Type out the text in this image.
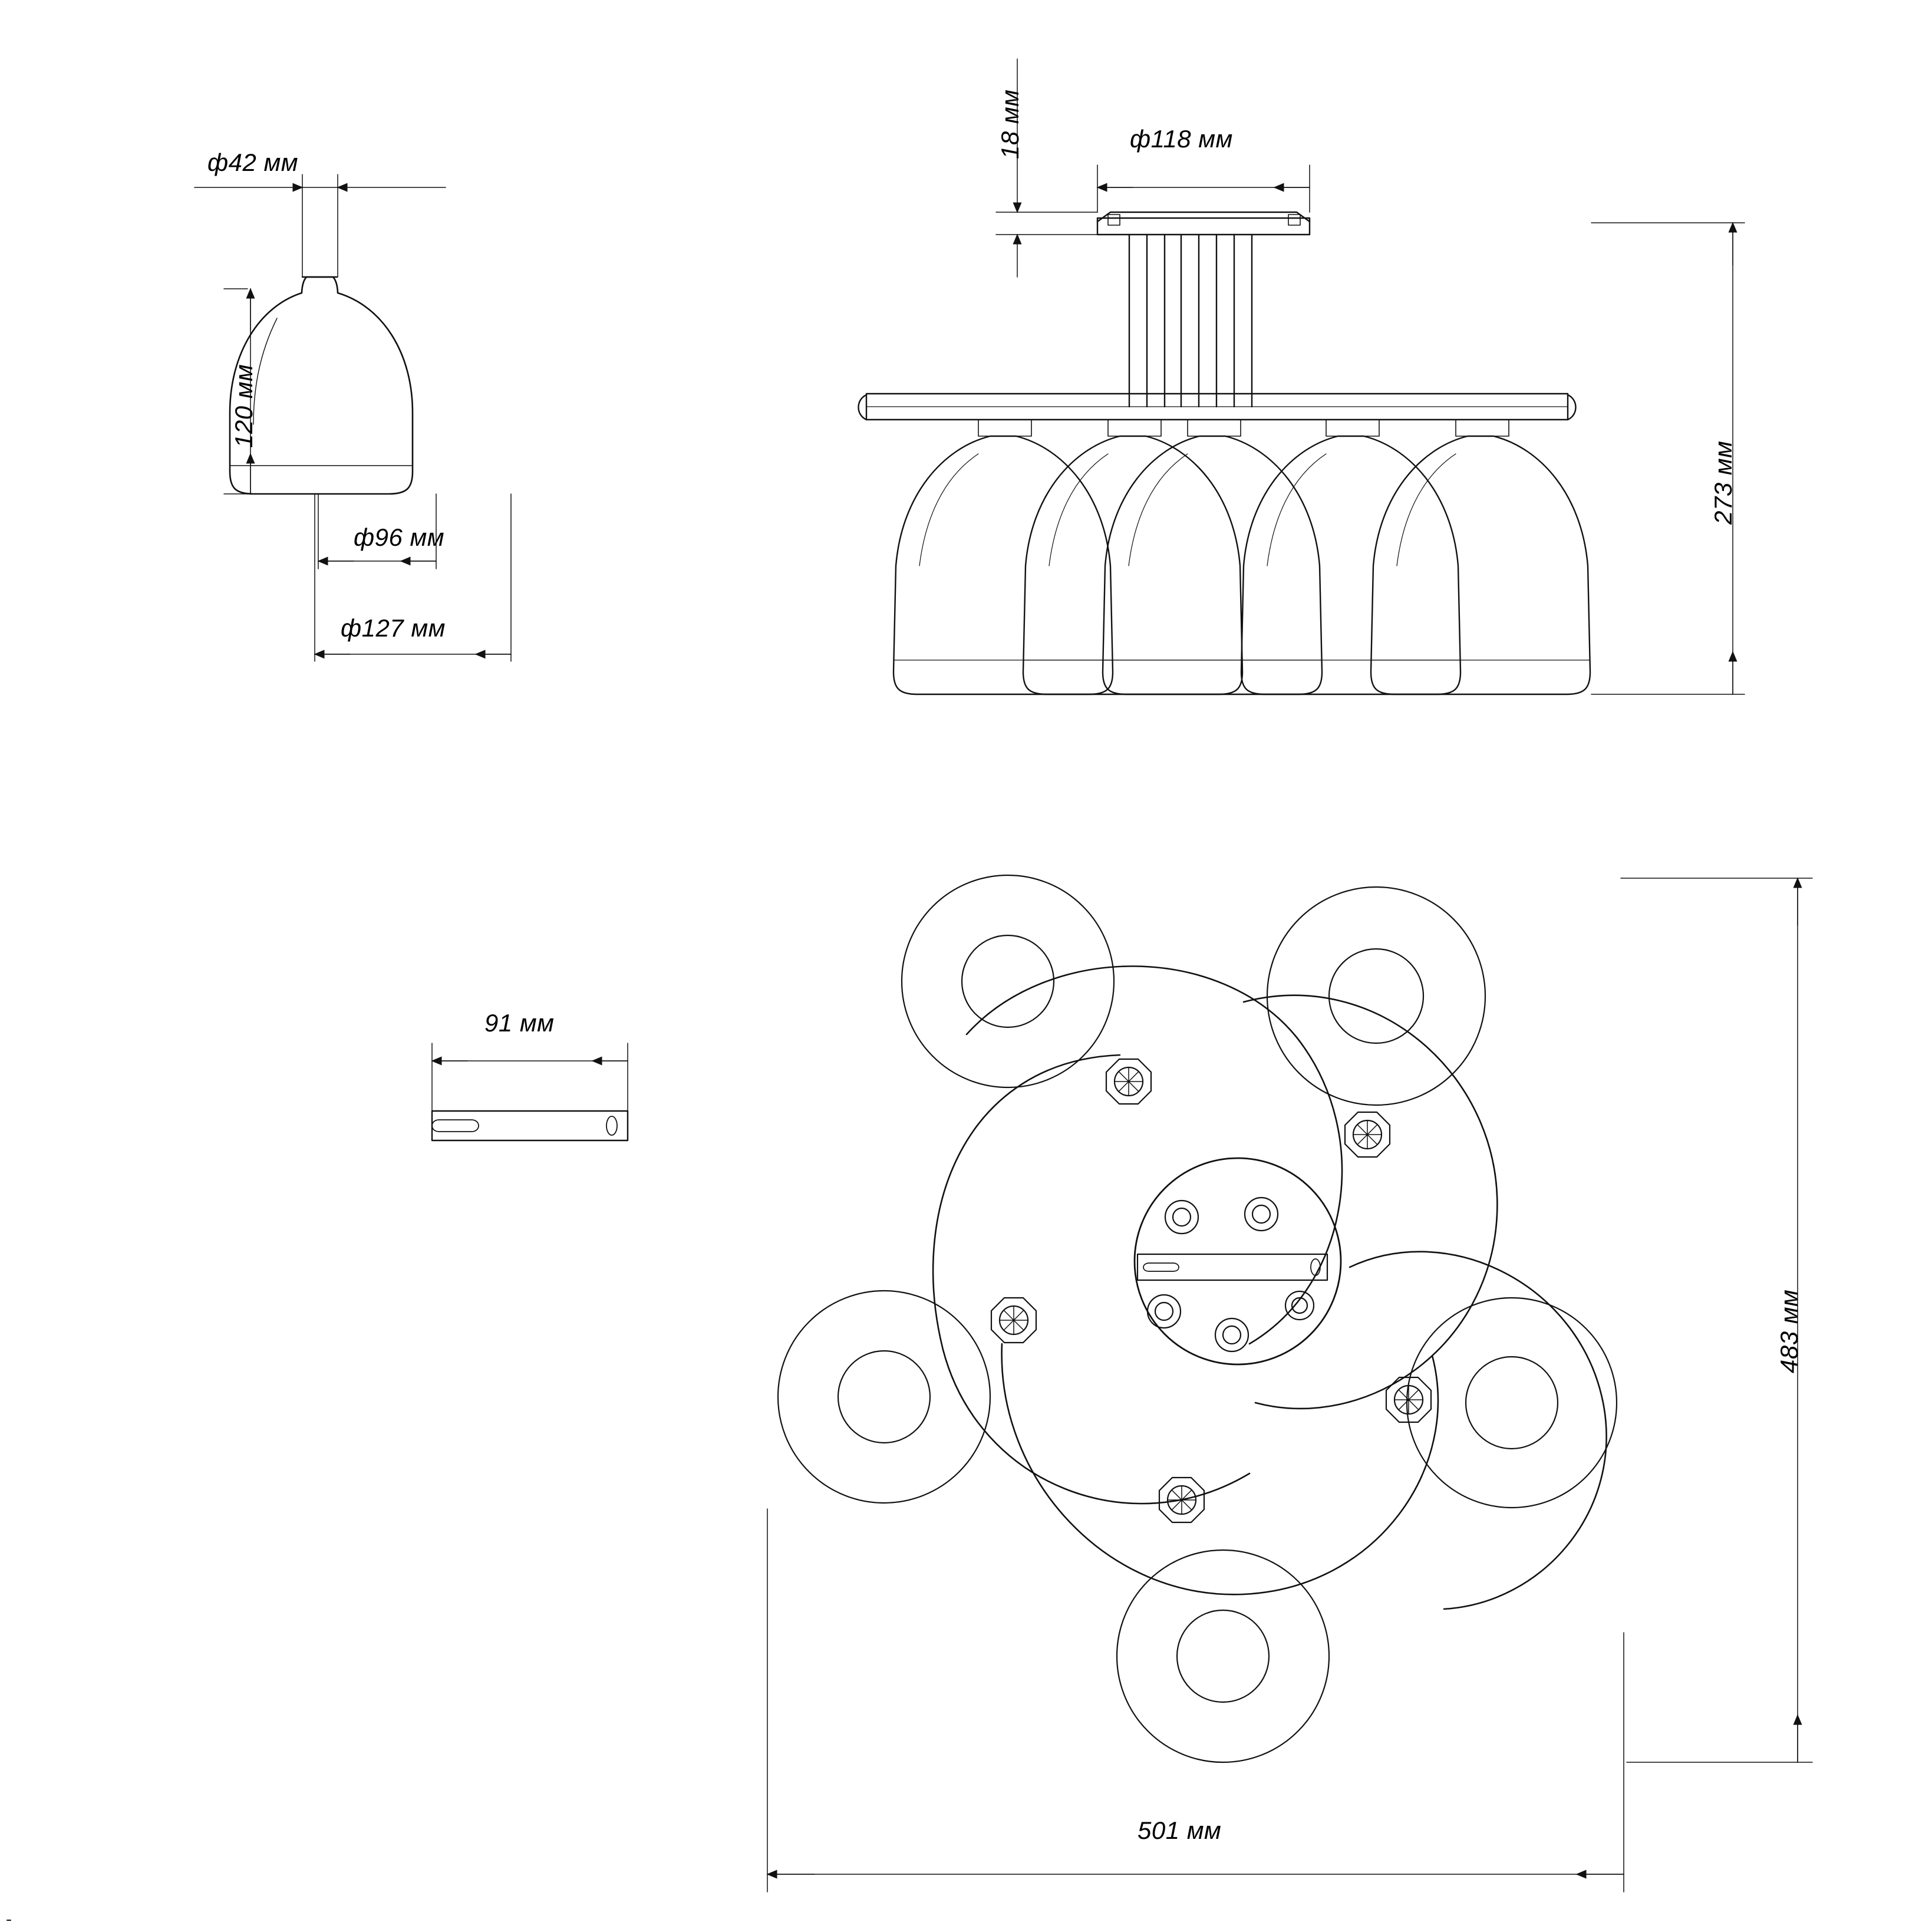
ф42 мм
120 мм
ф96 мм
ф127 мм
18 мм	ф118 мм
273 мм
91 мм
483 мм
501 мм
